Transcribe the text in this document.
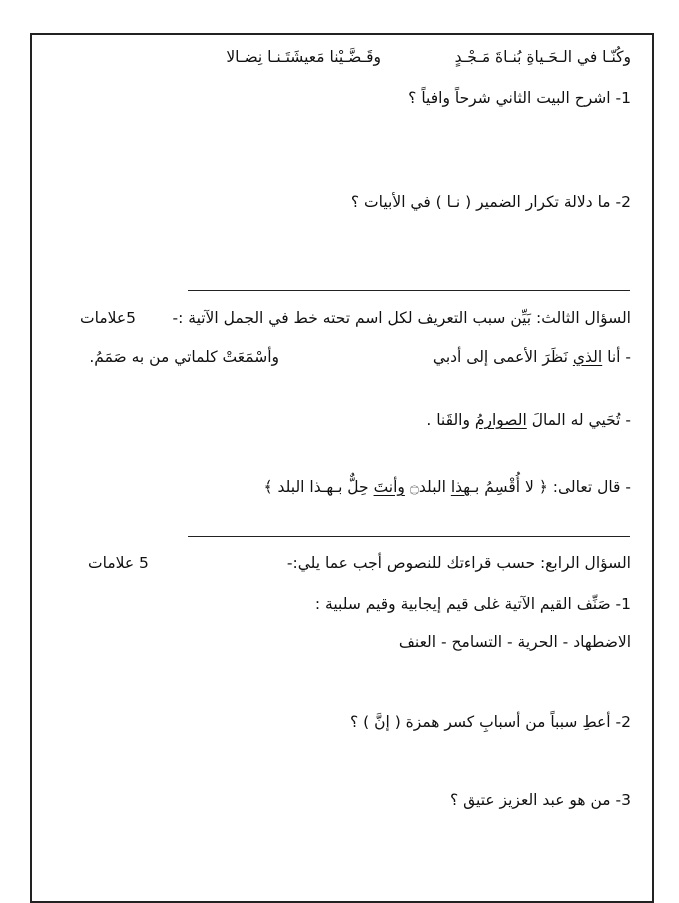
وكُنّـا في الـحَـياةِ بُنـاةَ مَـجْـدٍ
وقَـضَّـيْنا مَعيشَتَـنـا نِضـالا
1- اشرح البيت الثاني شرحاً وافياً ؟
2- ما دلالة تكرار الضمير ( نـا ) في الأبيات ؟
السؤال الثالث: بَيِّن سبب التعريف لكل اسم تحته خط في الجمل الآتية :-
5علامات
- أنا الذي نَظَرَ الأعمى إلى أدبي
وأسْمَعَتْ كلماتي من به صَمَمُ.
- تُحَيي له المالَ الصوارمُ والقَنا .
- قال تعالى: ﴿ لا أُقْسِمُ بـهذا البلد۝ وأنتَ حِلٌّ بـهـذا البلد ﴾
السؤال الرابع: حسب قراءتك للنصوص أجب عما يلي:-
5 علامات
1- صَنِّف القيم الآتية غلى قيم إيجابية وقيم سلبية :
الاضطهاد - الحرية - التسامح - العنف
2- أعطِ سبباً من أسبابِ كسر همزة ( إنَّ ) ؟
3- من هو عبد العزيز عتيق ؟
